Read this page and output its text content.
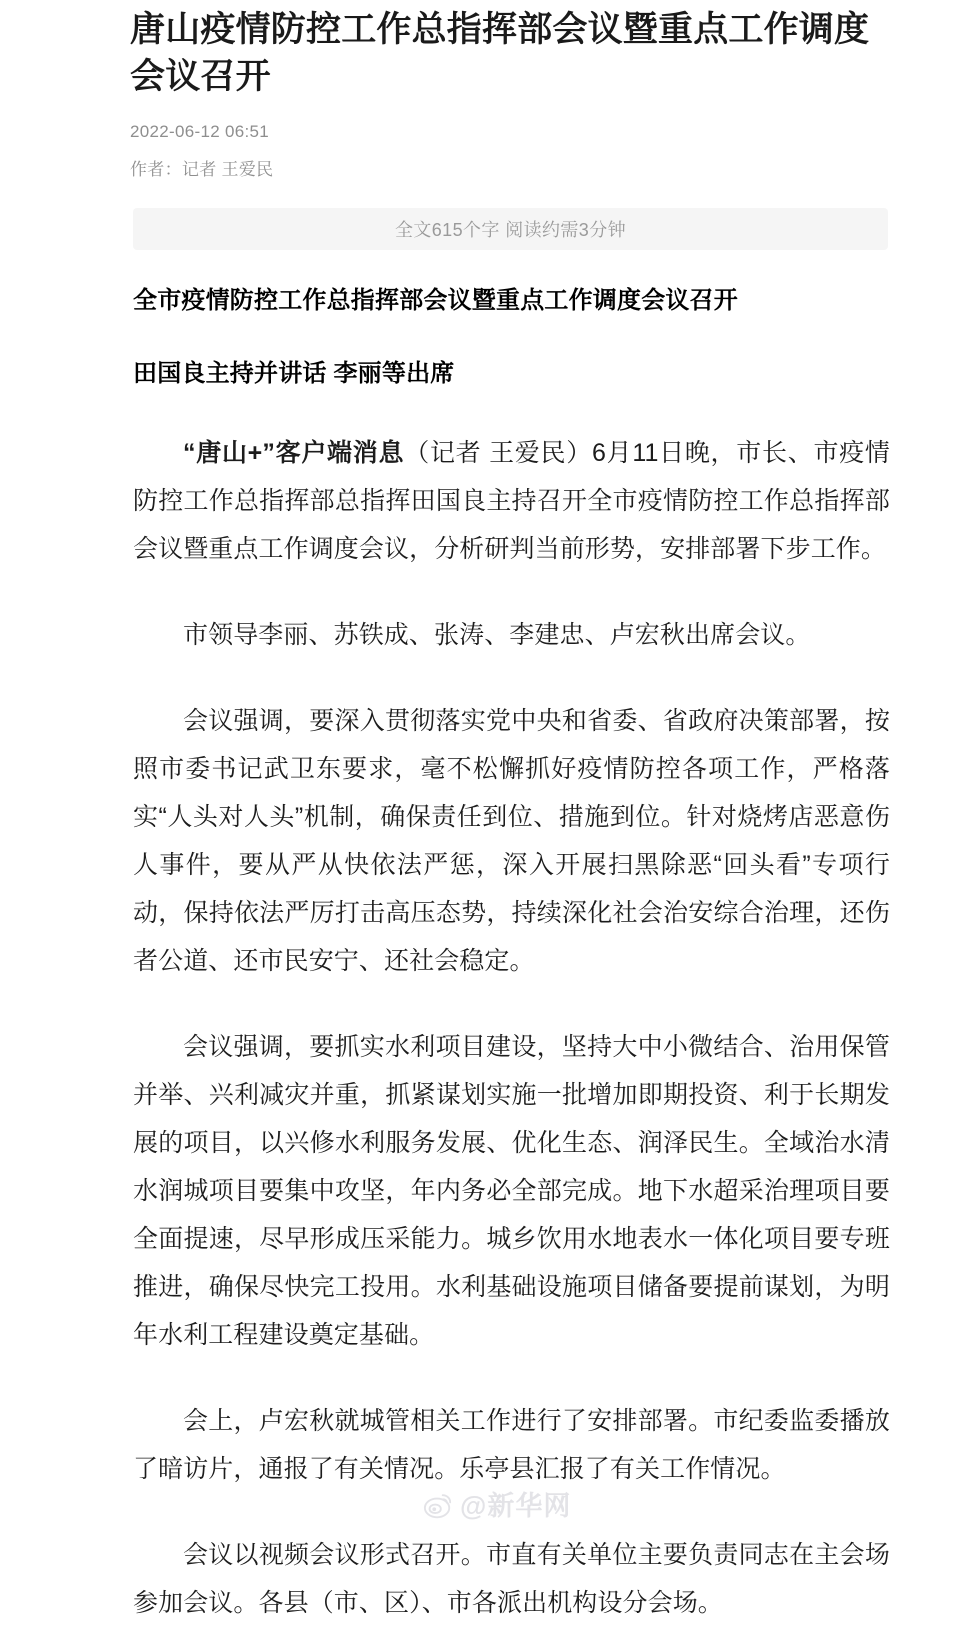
唐山疫情防控工作总指挥部会议暨重点工作调度会议召开
2022-06-12 06:51
作者：记者 王爱民
全文615个字 阅读约需3分钟

全市疫情防控工作总指挥部会议暨重点工作调度会议召开

田国良主持并讲话 李丽等出席

“唐山+”客户端消息（记者 王爱民）6月11日晚，市长、市疫情防控工作总指挥部总指挥田国良主持召开全市疫情防控工作总指挥部会议暨重点工作调度会议，分析研判当前形势，安排部署下步工作。

市领导李丽、苏铁成、张涛、李建忠、卢宏秋出席会议。

会议强调，要深入贯彻落实党中央和省委、省政府决策部署，按照市委书记武卫东要求，毫不松懈抓好疫情防控各项工作，严格落实“人头对人头”机制，确保责任到位、措施到位。针对烧烤店恶意伤人事件，要从严从快依法严惩，深入开展扫黑除恶“回头看”专项行动，保持依法严厉打击高压态势，持续深化社会治安综合治理，还伤者公道、还市民安宁、还社会稳定。

会议强调，要抓实水利项目建设，坚持大中小微结合、治用保管并举、兴利减灾并重，抓紧谋划实施一批增加即期投资、利于长期发展的项目，以兴修水利服务发展、优化生态、润泽民生。全域治水清水润城项目要集中攻坚，年内务必全部完成。地下水超采治理项目要全面提速，尽早形成压采能力。城乡饮用水地表水一体化项目要专班推进，确保尽快完工投用。水利基础设施项目储备要提前谋划，为明年水利工程建设奠定基础。

会上，卢宏秋就城管相关工作进行了安排部署。市纪委监委播放了暗访片，通报了有关情况。乐亭县汇报了有关工作情况。

会议以视频会议形式召开。市直有关单位主要负责同志在主会场参加会议。各县（市、区）、市各派出机构设分会场。

@新华网
